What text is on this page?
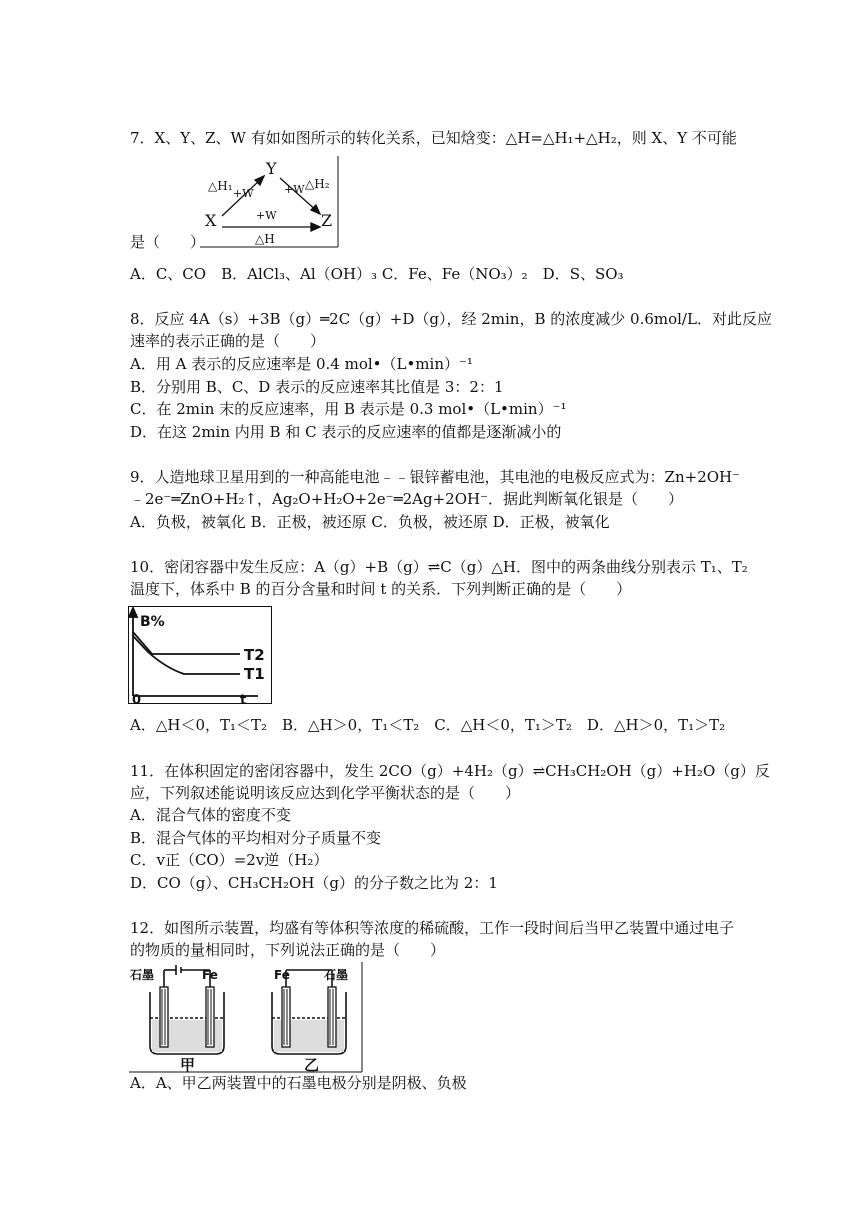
7．X、Y、Z、W 有如如图所示的转化关系，已知焓变：△H=△H₁+△H₂，则 X、Y 不可能
Y
X	Z
△H₁
+W	+W △H₂
+W
△H
是（　　）
A．C、CO　B．AlCl₃、Al（OH）₃ C．Fe、Fe（NO₃）₂　D．S、SO₃
8．反应 4A（s）+3B（g）═2C（g）+D（g），经 2min，B 的浓度减少 0.6mol/L．对此反应
速率的表示正确的是（　　）
A．用 A 表示的反应速率是 0.4 mol•（L•min）⁻¹
B．分别用 B、C、D 表示的反应速率其比值是 3：2：1
C．在 2min 末的反应速率，用 B 表示是 0.3 mol•（L•min）⁻¹
D．在这 2min 内用 B 和 C 表示的反应速率的值都是逐渐减小的
9．人造地球卫星用到的一种高能电池﹣﹣银锌蓄电池，其电池的电极反应式为：Zn+2OH⁻
﹣2e⁻═ZnO+H₂↑，Ag₂O+H₂O+2e⁻═2Ag+2OH⁻．据此判断氧化银是（　　）
A．负极，被氧化 B．正极，被还原 C．负极，被还原 D．正极，被氧化
10．密闭容器中发生反应：A（g）+B（g）⇌C（g）△H．图中的两条曲线分别表示 T₁、T₂
温度下，体系中 B 的百分含量和时间 t 的关系．下列判断正确的是（　　）
B%
T2
T1
0	t
A．△H＜0，T₁＜T₂　B．△H＞0，T₁＜T₂　C．△H＜0，T₁＞T₂　D．△H＞0，T₁＞T₂
11．在体积固定的密闭容器中，发生 2CO（g）+4H₂（g）⇌CH₃CH₂OH（g）+H₂O（g）反
应，下列叙述能说明该反应达到化学平衡状态的是（　　）
A．混合气体的密度不变
B．混合气体的平均相对分子质量不变
C．v正（CO）=2v逆（H₂）
D．CO（g）、CH₃CH₂OH（g）的分子数之比为 2：1
12．如图所示装置，均盛有等体积等浓度的稀硫酸，工作一段时间后当甲乙装置中通过电子
的物质的量相同时，下列说法正确的是（　　）
石墨	Fe	Fe	石墨
甲	乙
A．A、甲乙两装置中的石墨电极分别是阴极、负极
